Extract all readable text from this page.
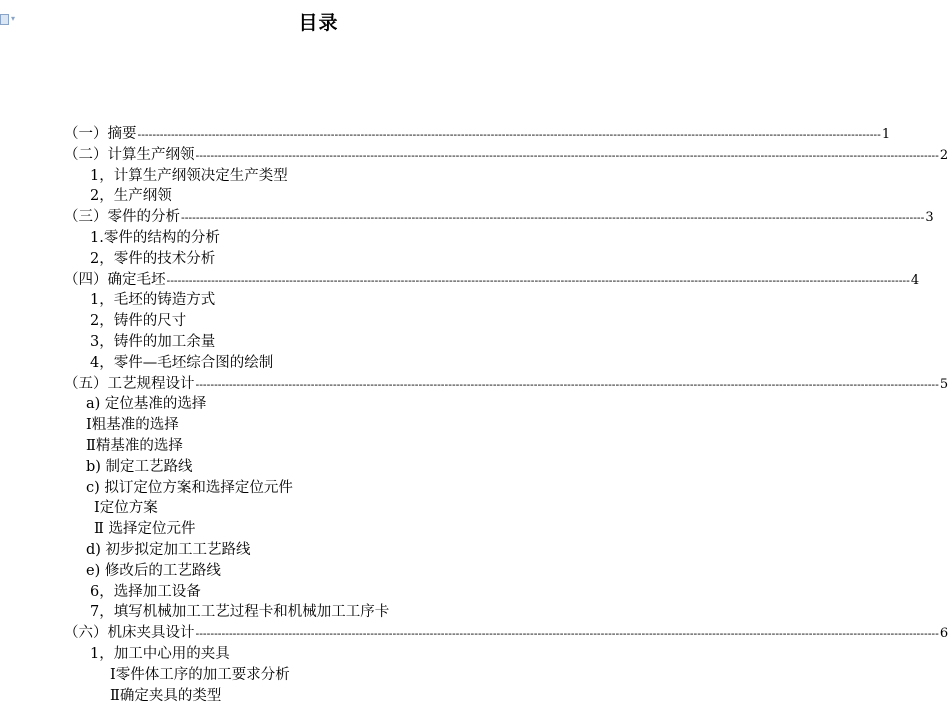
▾	目录
（一）摘要 -------------------------------------------------------------------------------------------------------------------------------------------------------------------------------------------------------- 1
（二）计算生产纲领 -------------------------------------------------------------------------------------------------------------------------------------------------------------------------------------------------------- 2
1，计算生产纲领决定生产类型
2，生产纲领
（三）零件的分析 -------------------------------------------------------------------------------------------------------------------------------------------------------------------------------------------------------- 3
1.零件的结构的分析
2，零件的技术分析
（四）确定毛坯 -------------------------------------------------------------------------------------------------------------------------------------------------------------------------------------------------------- 4
1，毛坯的铸造方式
2，铸件的尺寸
3，铸件的加工余量
4，零件—毛坯综合图的绘制
（五）工艺规程设计 -------------------------------------------------------------------------------------------------------------------------------------------------------------------------------------------------------- 5
a) 定位基准的选择
Ⅰ粗基准的选择
Ⅱ精基准的选择
b) 制定工艺路线
c) 拟订定位方案和选择定位元件
Ⅰ定位方案
Ⅱ 选择定位元件
d) 初步拟定加工工艺路线
e) 修改后的工艺路线
6，选择加工设备
7，填写机械加工工艺过程卡和机械加工工序卡
（六）机床夹具设计 -------------------------------------------------------------------------------------------------------------------------------------------------------------------------------------------------------- 6
1，加工中心用的夹具
Ⅰ零件体工序的加工要求分析
Ⅱ确定夹具的类型
